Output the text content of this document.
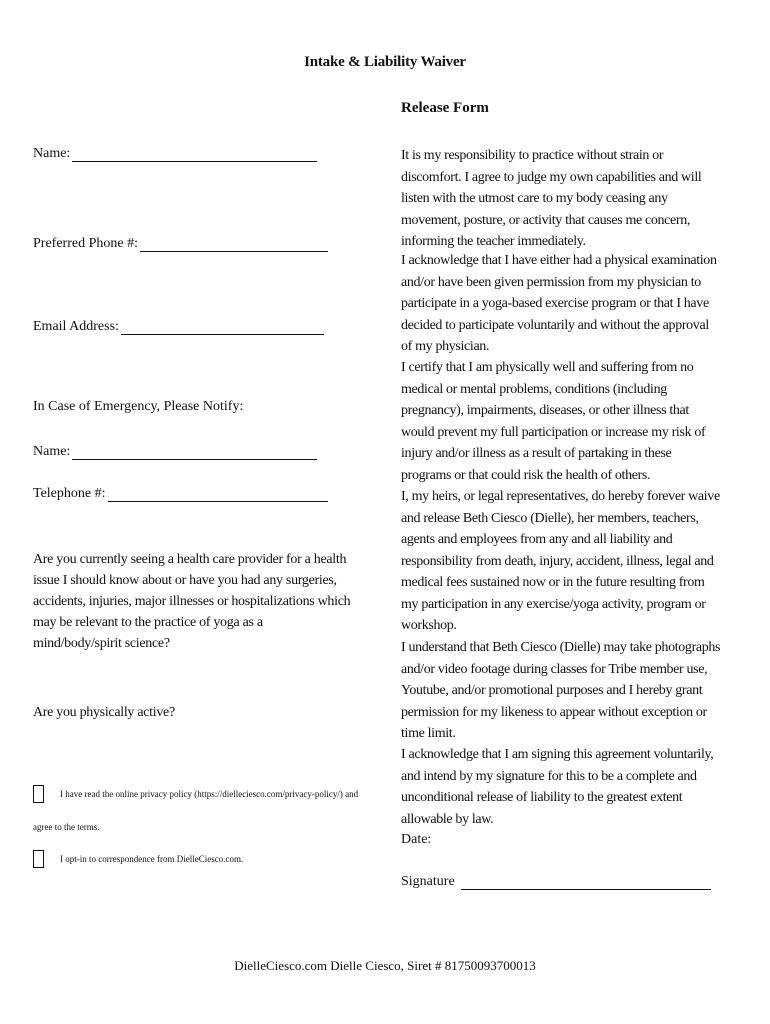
Intake & Liability Waiver
Release Form
Name:
Preferred Phone #:
Email Address:
In Case of Emergency, Please Notify:
Name:
Telephone #:
Are you currently seeing a health care provider for a health issue I should know about or have you had any surgeries, accidents, injuries, major illnesses or hospitalizations which may be relevant to the practice of yoga as a mind/body/spirit science?
Are you physically active?
I have read the online privacy policy (https://dielleciesco.com/privacy-policy/) and
agree to the terms.
I opt-in to correspondence from DielleCiesco.com.

It is my responsibility to practice without strain or discomfort. I agree to judge my own capabilities and will listen with the utmost care to my body ceasing any movement, posture, or activity that causes me concern, informing the teacher immediately.

I acknowledge that I have either had a physical examination and/or have been given permission from my physician to participate in a yoga-based exercise program or that I have decided to participate voluntarily and without the approval of my physician.

I certify that I am physically well and suffering from no medical or mental problems, conditions (including pregnancy), impairments, diseases, or other illness that would prevent my full participation or increase my risk of injury and/or illness as a result of partaking in these programs or that could risk the health of others.

I, my heirs, or legal representatives, do hereby forever waive and release Beth Ciesco (Dielle), her members, teachers, agents and employees from any and all liability and responsibility from death, injury, accident, illness, legal and medical fees sustained now or in the future resulting from my participation in any exercise/yoga activity, program or workshop.

I understand that Beth Ciesco (Dielle) may take photographs and/or video footage during classes for Tribe member use, Youtube, and/or promotional purposes and I hereby grant permission for my likeness to appear without exception or time limit.

I acknowledge that I am signing this agreement voluntarily, and intend by my signature for this to be a complete and unconditional release of liability to the greatest extent allowable by law.

Date:
Signature
DielleCiesco.com Dielle Ciesco, Siret # 81750093700013
